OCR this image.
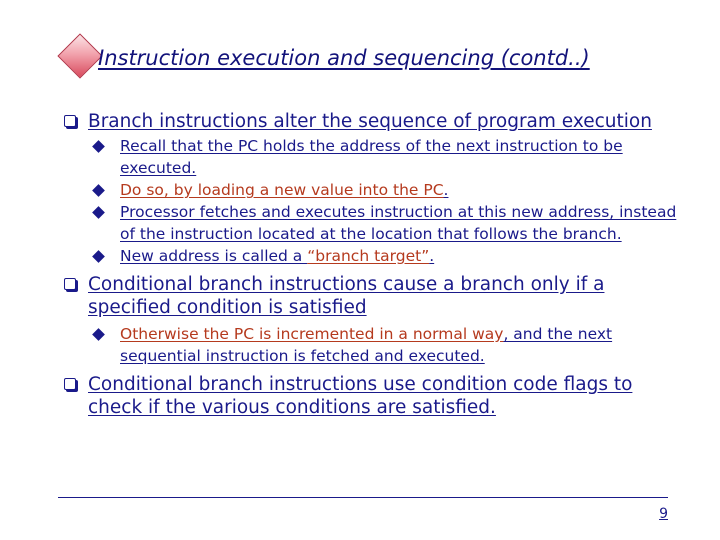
Instruction execution and sequencing (contd..)
Branch instructions alter the sequence of program execution
Recall that the PC holds the address of the next instruction to be executed.
Do so, by loading a new value into the PC.
Processor fetches and executes instruction at this new address, instead of the instruction located at the location that follows the branch.
New address is called a “branch target”.
Conditional branch instructions cause a branch only if a specified condition is satisfied
Otherwise the PC is incremented in a normal way, and the next sequential instruction is fetched and executed.
Conditional branch instructions use condition code flags to check if the various conditions are satisfied.
9
